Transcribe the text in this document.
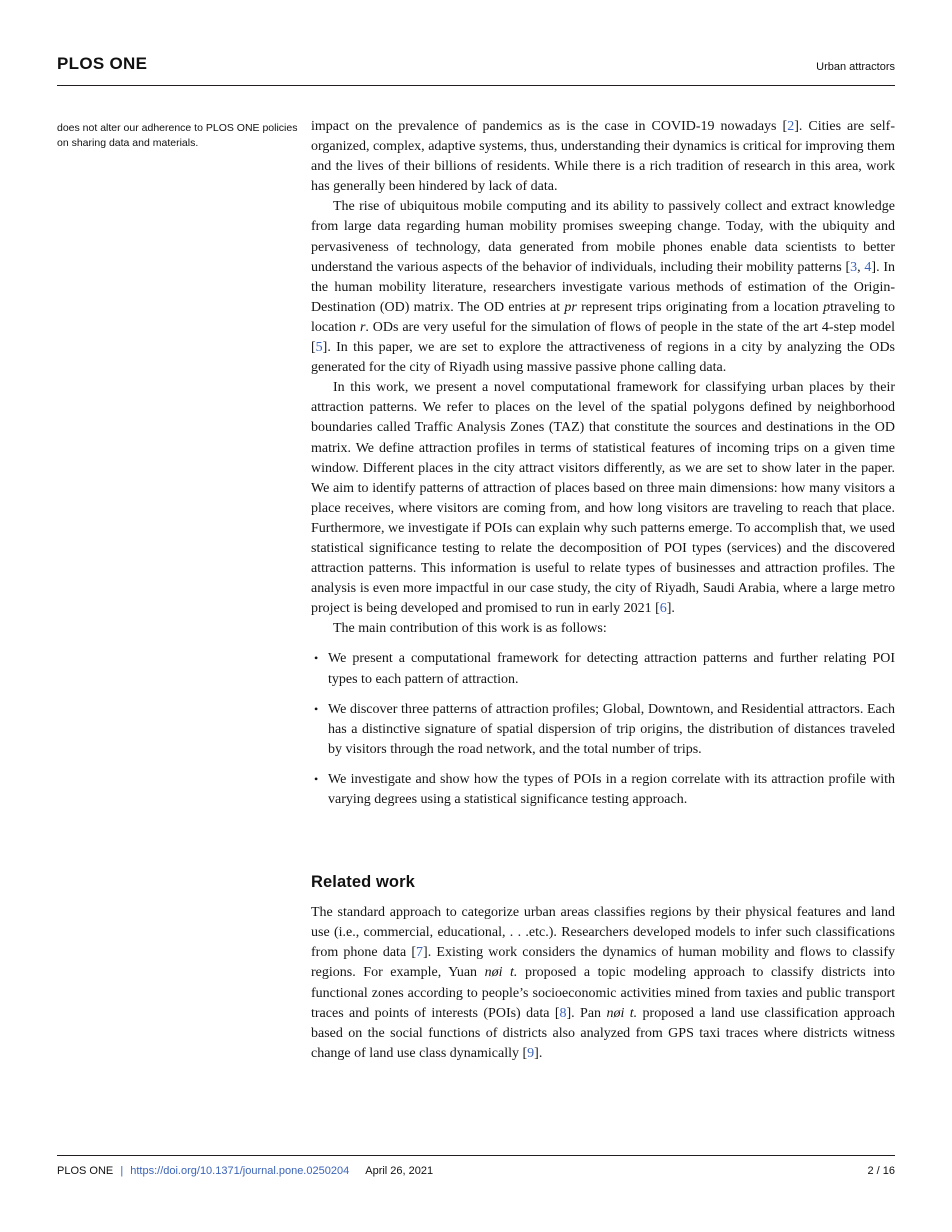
PLOS ONE	Urban attractors
does not alter our adherence to PLOS ONE policies
on sharing data and materials.

impact on the prevalence of pandemics as is the case in COVID-19 nowadays [2]. Cities are self-organized, complex, adaptive systems, thus, understanding their dynamics is critical for improving them and the lives of their billions of residents. While there is a rich tradition of research in this area, work has generally been hindered by lack of data.

The rise of ubiquitous mobile computing and its ability to passively collect and extract knowledge from large data regarding human mobility promises sweeping change. Today, with the ubiquity and pervasiveness of technology, data generated from mobile phones enable data scientists to better understand the various aspects of the behavior of individuals, including their mobility patterns [3, 4]. In the human mobility literature, researchers investigate various methods of estimation of the Origin-Destination (OD) matrix. The OD entries at pr represent trips originating from a location ptraveling to location r. ODs are very useful for the simulation of flows of people in the state of the art 4-step model [5]. In this paper, we are set to explore the attractiveness of regions in a city by analyzing the ODs generated for the city of Riyadh using massive passive phone calling data.

In this work, we present a novel computational framework for classifying urban places by their attraction patterns. We refer to places on the level of the spatial polygons defined by neighborhood boundaries called Traffic Analysis Zones (TAZ) that constitute the sources and destinations in the OD matrix. We define attraction profiles in terms of statistical features of incoming trips on a given time window. Different places in the city attract visitors differently, as we are set to show later in the paper. We aim to identify patterns of attraction of places based on three main dimensions: how many visitors a place receives, where visitors are coming from, and how long visitors are traveling to reach that place. Furthermore, we investigate if POIs can explain why such patterns emerge. To accomplish that, we used statistical significance testing to relate the decomposition of POI types (services) and the discovered attraction patterns. This information is useful to relate types of businesses and attraction profiles. The analysis is even more impactful in our case study, the city of Riyadh, Saudi Arabia, where a large metro project is being developed and promised to run in early 2021 [6].

The main contribution of this work is as follows:

• We present a computational framework for detecting attraction patterns and further relating POI types to each pattern of attraction.
• We discover three patterns of attraction profiles; Global, Downtown, and Residential attractors. Each has a distinctive signature of spatial dispersion of trip origins, the distribution of distances traveled by visitors through the road network, and the total number of trips.
• We investigate and show how the types of POIs in a region correlate with its attraction profile with varying degrees using a statistical significance testing approach.
Related work

The standard approach to categorize urban areas classifies regions by their physical features and land use (i.e., commercial, educational, . . .etc.). Researchers developed models to infer such classifications from phone data [7]. Existing work considers the dynamics of human mobility and flows to classify regions. For example, Yuan nøi t. proposed a topic modeling approach to classify districts into functional zones according to people’s socioeconomic activities mined from taxies and public transport traces and points of interests (POIs) data [8]. Pan nøi t. proposed a land use classification approach based on the social functions of districts also analyzed from GPS taxi traces where districts witness change of land use class dynamically [9].

PLOS ONE | https://doi.org/10.1371/journal.pone.0250204 April 26, 2021	2 / 16
